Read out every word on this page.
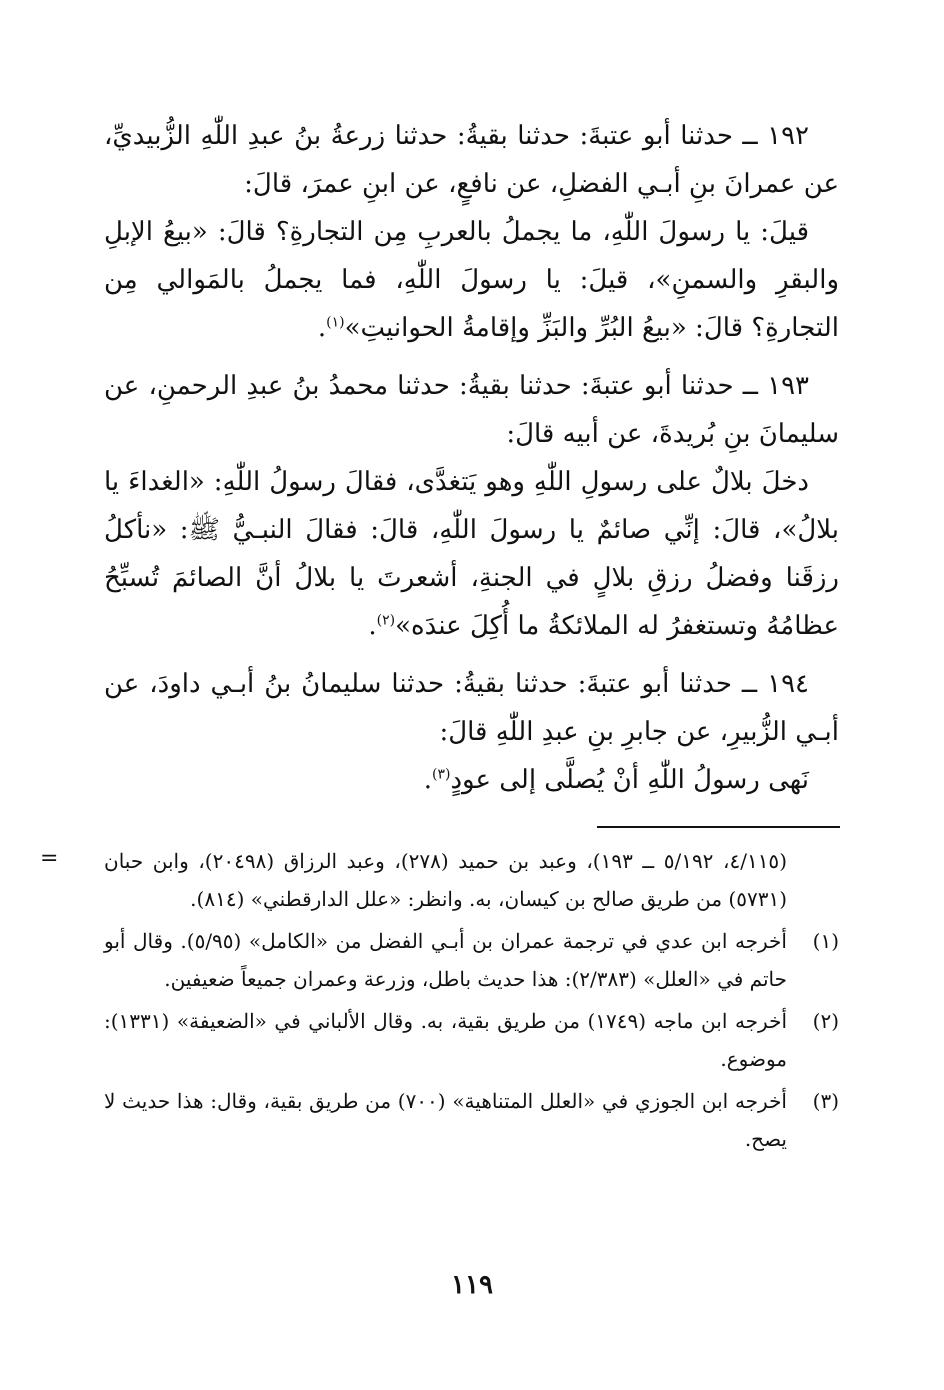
١٩٢ ــ حدثنا أبو عتبةَ: حدثنا بقيةُ: حدثنا زرعةُ بنُ عبدِ اللّٰهِ الزُّبيديِّ، عن عمرانَ بنِ أبـي الفضلِ، عن نافعٍ، عن ابنِ عمرَ، قالَ:

قيلَ: يا رسولَ اللّٰهِ، ما يجملُ بالعربِ مِن التجارةِ؟ قالَ: «بيعُ الإبلِ والبقرِ والسمنِ»، قيلَ: يا رسولَ اللّٰهِ، فما يجملُ بالمَوالي مِن التجارةِ؟ قالَ: «بيعُ البُرِّ والبَزِّ وإقامةُ الحوانيتِ»$^{(١)}$.

١٩٣ ــ حدثنا أبو عتبةَ: حدثنا بقيةُ: حدثنا محمدُ بنُ عبدِ الرحمنِ، عن سليمانَ بنِ بُريدةَ، عن أبيه قالَ:

دخلَ بلالٌ على رسولِ اللّٰهِ وهو يَتغدَّى، فقالَ رسولُ اللّٰهِ: «الغداءَ يا بلالُ»، قالَ: إنِّي صائمٌ يا رسولَ اللّٰهِ، قالَ: فقالَ النبـيُّ ﷺ: «نأكلُ رزقَنا وفضلُ رزقِ بلالٍ في الجنةِ، أشعرتَ يا بلالُ أنَّ الصائمَ تُسبِّحُ عظامُهُ وتستغفرُ له الملائكةُ ما أُكِلَ عندَه»$^{(٢)}$.

١٩٤ ــ حدثنا أبو عتبةَ: حدثنا بقيةُ: حدثنا سليمانُ بنُ أبـي داودَ، عن أبـي الزُّبيرِ، عن جابرِ بنِ عبدِ اللّٰهِ قالَ:

نَهى رسولُ اللّٰهِ أنْ يُصلَّى إلى عودٍ$^{(٣)}$.

= (٤/١١٥، ٥/١٩٢ ــ ١٩٣)، وعبد بن حميد (٢٧٨)، وعبد الرزاق (٢٠٤٩٨)، وابن حبان (٥٧٣١) من طريق صالح بن كيسان، به. وانظر: «علل الدارقطني» (٨١٤).

(١)
أخرجه ابن عدي في ترجمة عمران بن أبـي الفضل من «الكامل» (٥/٩٥). وقال أبو حاتم في «العلل» (٢/٣٨٣): هذا حديث باطل، وزرعة وعمران جميعاً ضعيفين.

(٢)
أخرجه ابن ماجه (١٧٤٩) من طريق بقية، به. وقال الألباني في «الضعيفة» (١٣٣١): موضوع.

(٣)
أخرجه ابن الجوزي في «العلل المتناهية» (٧٠٠) من طريق بقية، وقال: هذا حديث لا يصح.

١١٩
